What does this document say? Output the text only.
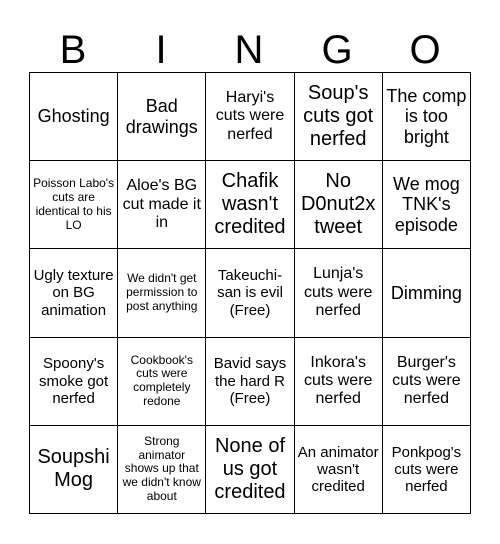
B	I	N	G	O
Ghosting
Bad drawings
Haryi's cuts were nerfed
Soup's cuts got nerfed
The comp is too bright
Poisson Labo's cuts are identical to his LO
Aloe's BG cut made it in
Chafik wasn't credited
No D0nut2x tweet
We mog TNK's episode
Ugly texture on BG animation
We didn't get permission to post anything
Takeuchi-san is evil (Free)
Lunja's cuts were nerfed
Dimming
Spoony's smoke got nerfed
Cookbook's cuts were completely redone
Bavid says the hard R (Free)
Inkora's cuts were nerfed
Burger's cuts were nerfed
Soupshi Mog
Strong animator shows up that we didn't know about
None of us got credited
An animator wasn't credited
Ponkpog's cuts were nerfed
